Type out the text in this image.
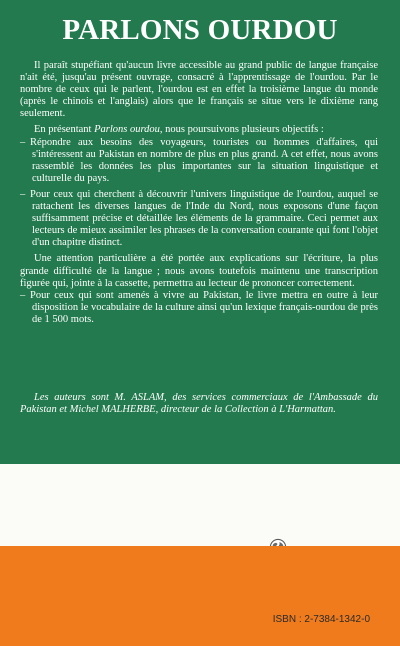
PARLONS OURDOU

Il paraît stupéfiant qu'aucun livre accessible au grand public de langue française n'ait été, jusqu'au présent ouvrage, consacré à l'apprentissage de l'ourdou. Par le nombre de ceux qui le parlent, l'ourdou est en effet la troisième langue du monde (après le chinois et l'anglais) alors que le français se situe vers le dixième rang seulement.

En présentant Parlons ourdou, nous poursuivons plusieurs objectifs :

– Répondre aux besoins des voyageurs, touristes ou hommes d'affaires, qui s'intéressent au Pakistan en nombre de plus en plus grand. A cet effet, nous avons rassemblé les données les plus importantes sur la situation linguistique et culturelle du pays.

– Pour ceux qui cherchent à découvrir l'univers linguistique de l'ourdou, auquel se rattachent les diverses langues de l'Inde du Nord, nous exposons d'une façon suffisamment précise et détaillée les éléments de la grammaire. Ceci permet aux lecteurs de mieux assimiler les phrases de la conversation courante qui font l'objet d'un chapitre distinct.

Une attention particulière a été portée aux explications sur l'écriture, la plus grande difficulté de la langue ; nous avons toutefois maintenu une transcription figurée qui, jointe à la cassette, permettra au lecteur de prononcer correctement.

– Pour ceux qui sont amenés à vivre au Pakistan, le livre mettra en outre à leur disposition le vocabulaire de la culture ainsi qu'un lexique français-ourdou de près de 1 500 mots.

Les auteurs sont M. ASLAM, des services commerciaux de l'Ambassade du Pakistan et Michel MALHERBE, directeur de la Collection à L'Harmattan.

ISBN : 2-7384-1342-0
